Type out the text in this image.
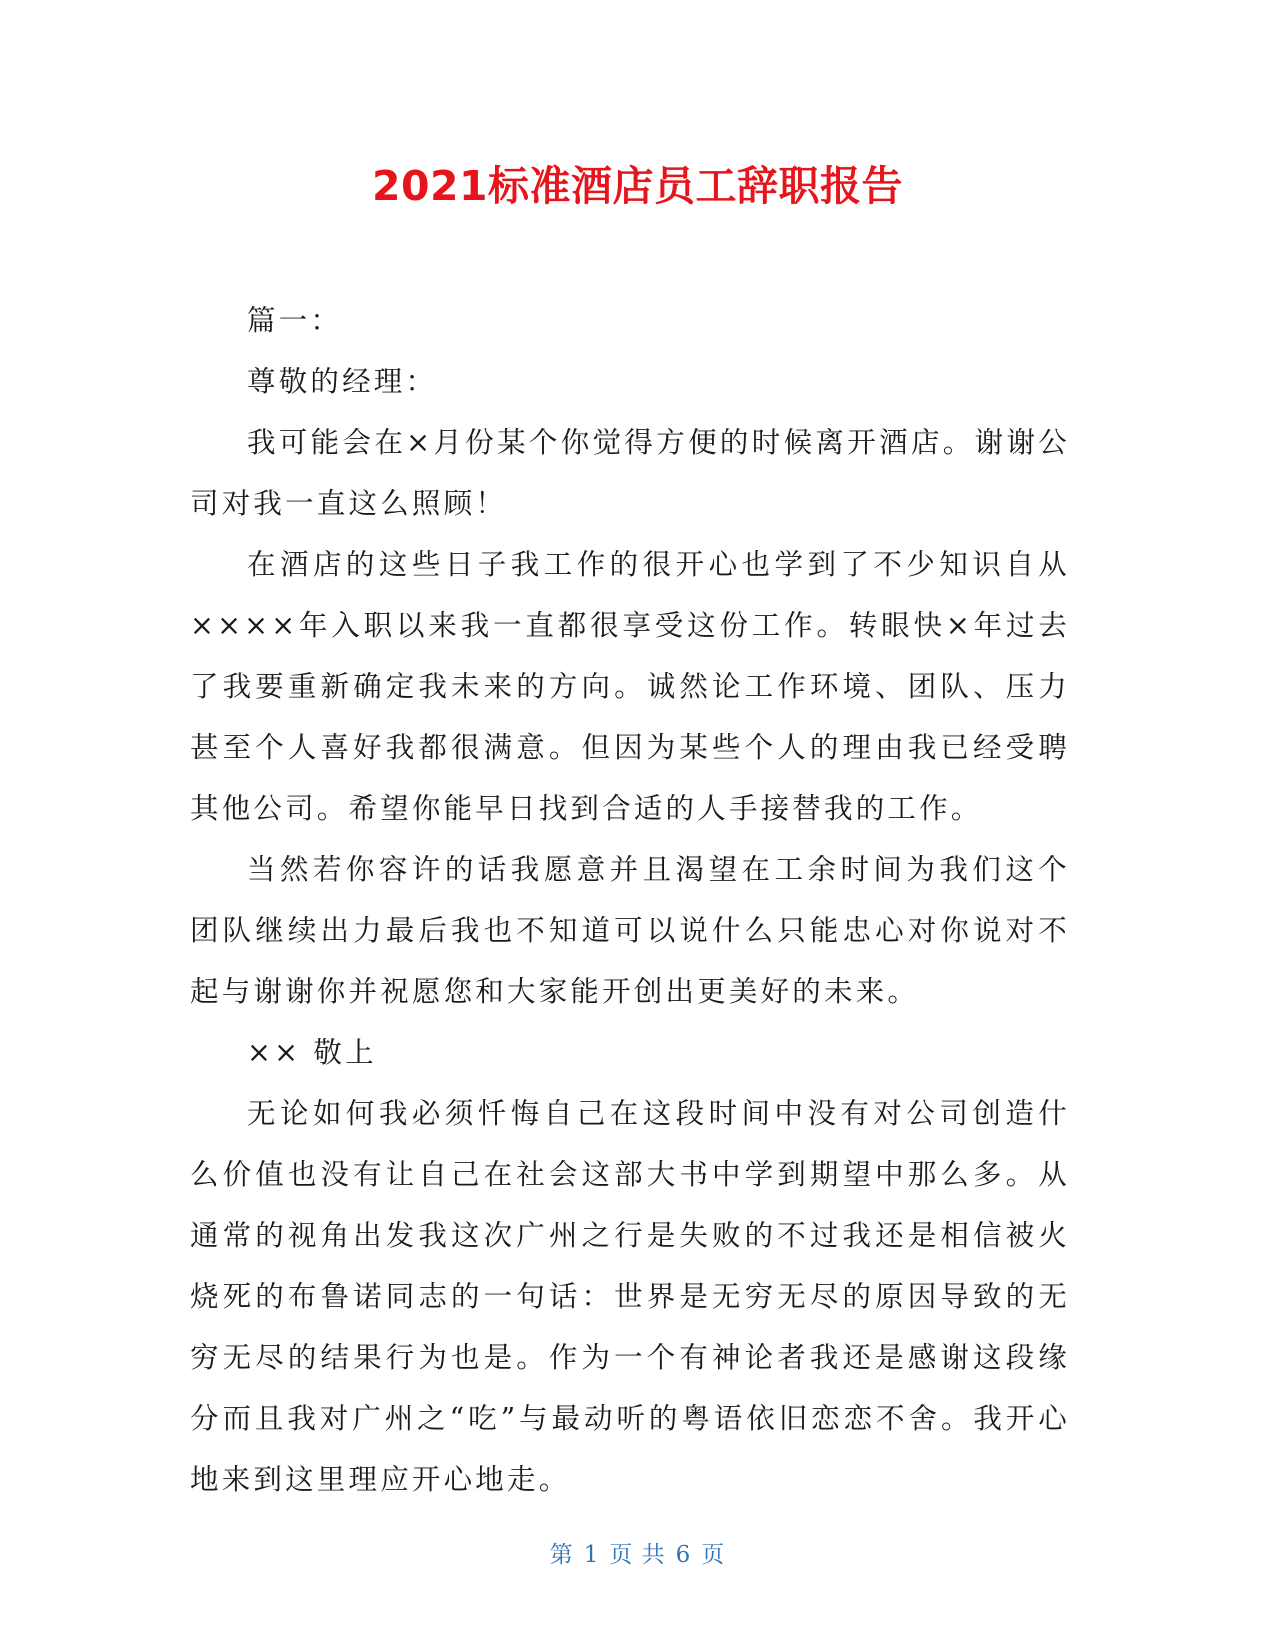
2021标准酒店员工辞职报告

篇一：

尊敬的经理：

我可能会在×月份某个你觉得方便的时候离开酒店。谢谢公司对我一直这么照顾！

在酒店的这些日子我工作的很开心也学到了不少知识自从××××年入职以来我一直都很享受这份工作。转眼快×年过去了我要重新确定我未来的方向。诚然论工作环境、团队、压力甚至个人喜好我都很满意。但因为某些个人的理由我已经受聘其他公司。希望你能早日找到合适的人手接替我的工作。

当然若你容许的话我愿意并且渴望在工余时间为我们这个团队继续出力最后我也不知道可以说什么只能忠心对你说对不起与谢谢你并祝愿您和大家能开创出更美好的未来。

×× 敬上

无论如何我必须忏悔自己在这段时间中没有对公司创造什么价值也没有让自己在社会这部大书中学到期望中那么多。从通常的视角出发我这次广州之行是失败的不过我还是相信被火烧死的布鲁诺同志的一句话：世界是无穷无尽的原因导致的无穷无尽的结果行为也是。作为一个有神论者我还是感谢这段缘分而且我对广州之“吃”与最动听的粤语依旧恋恋不舍。我开心地来到这里理应开心地走。

第 1 页 共 6 页
